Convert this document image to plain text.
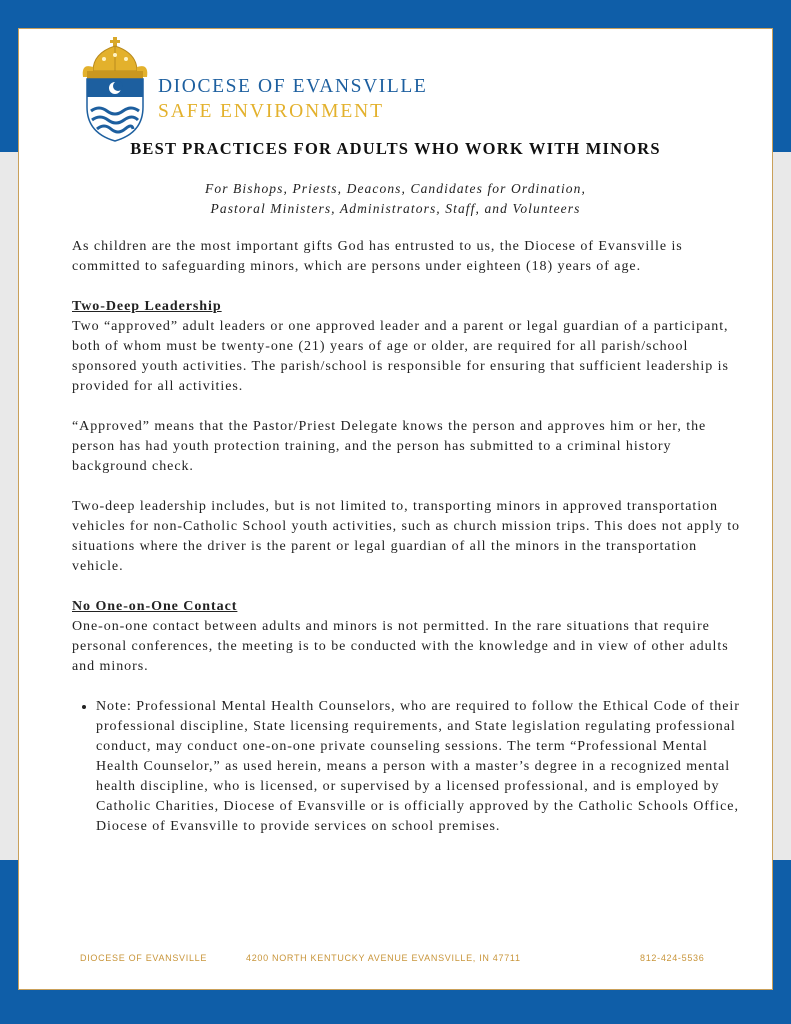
DIOCESE OF EVANSVILLE
SAFE ENVIRONMENT
BEST PRACTICES FOR ADULTS WHO WORK WITH MINORS
For Bishops, Priests, Deacons, Candidates for Ordination,
Pastoral Ministers, Administrators, Staff, and Volunteers

As children are the most important gifts God has entrusted to us, the Diocese of Evansville is committed to safeguarding minors, which are persons under eighteen (18) years of age.

Two-Deep Leadership

Two “approved” adult leaders or one approved leader and a parent or legal guardian of a participant, both of whom must be twenty-one (21) years of age or older, are required for all parish/school sponsored youth activities. The parish/school is responsible for ensuring that sufficient leadership is provided for all activities.

“Approved” means that the Pastor/Priest Delegate knows the person and approves him or her, the person has had youth protection training, and the person has submitted to a criminal history background check.

Two-deep leadership includes, but is not limited to, transporting minors in approved transportation vehicles for non-Catholic School youth activities, such as church mission trips. This does not apply to situations where the driver is the parent or legal guardian of all the minors in the transportation vehicle.

No One-on-One Contact

One-on-one contact between adults and minors is not permitted. In the rare situations that require personal conferences, the meeting is to be conducted with the knowledge and in view of other adults and minors.

• Note: Professional Mental Health Counselors, who are required to follow the Ethical Code of their professional discipline, State licensing requirements, and State legislation regulating professional conduct, may conduct one-on-one private counseling sessions. The term “Professional Mental Health Counselor,” as used herein, means a person with a master’s degree in a recognized mental health discipline, who is licensed, or supervised by a licensed professional, and is employed by Catholic Charities, Diocese of Evansville or is officially approved by the Catholic Schools Office, Diocese of Evansville to provide services on school premises.
DIOCESE OF EVANSVILLE	4200 NORTH KENTUCKY AVENUE EVANSVILLE, IN 47711	812-424-5536
